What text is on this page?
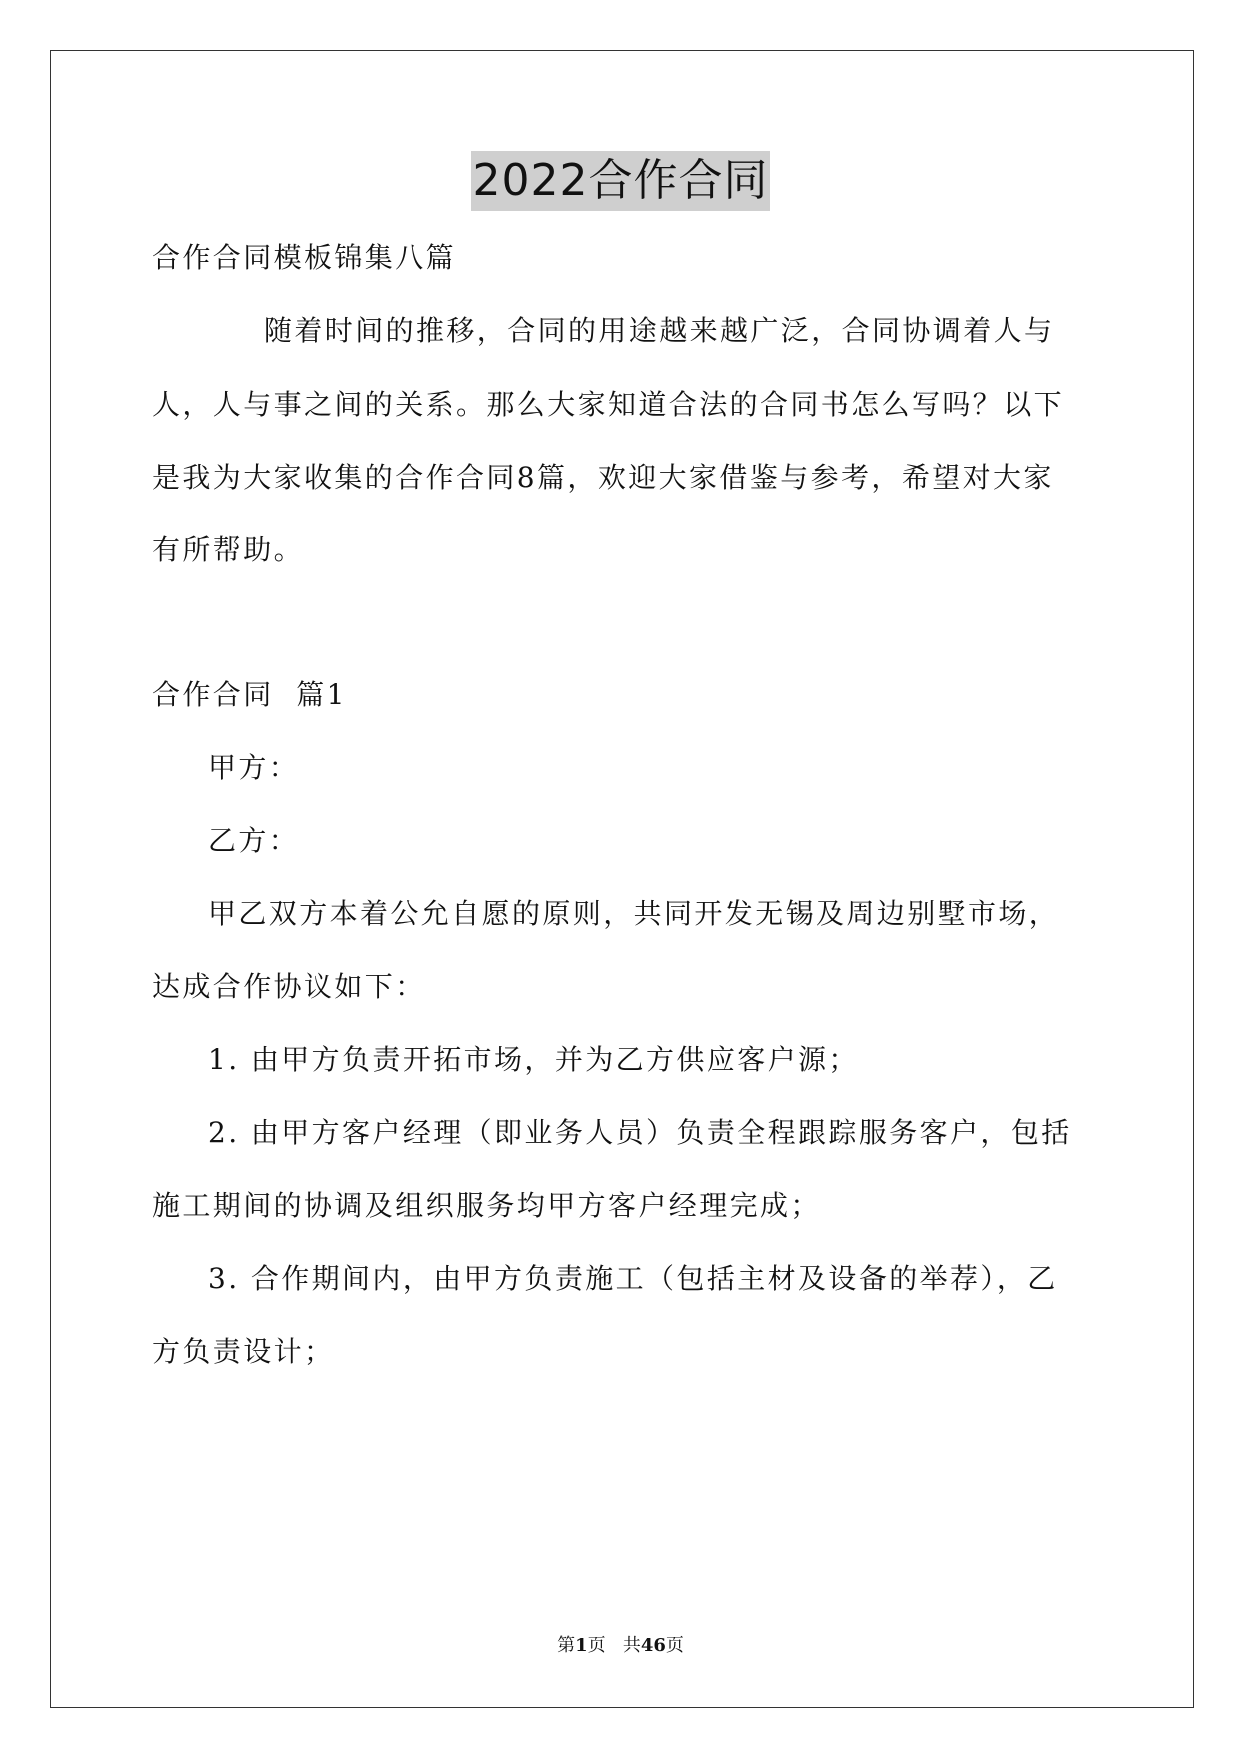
2022合作合同
合作合同模板锦集八篇
随着时间的推移，合同的用途越来越广泛，合同协调着人与
人，人与事之间的关系。那么大家知道合法的合同书怎么写吗？以下
是我为大家收集的合作合同8篇，欢迎大家借鉴与参考，希望对大家
有所帮助。
合作合同  篇1
甲方：
乙方：
甲乙双方本着公允自愿的原则，共同开发无锡及周边别墅市场，
达成合作协议如下：
1. 由甲方负责开拓市场，并为乙方供应客户源；
2. 由甲方客户经理（即业务人员）负责全程跟踪服务客户，包括
施工期间的协调及组织服务均甲方客户经理完成；
3. 合作期间内，由甲方负责施工（包括主材及设备的举荐），乙
方负责设计；
第1页 共46页
